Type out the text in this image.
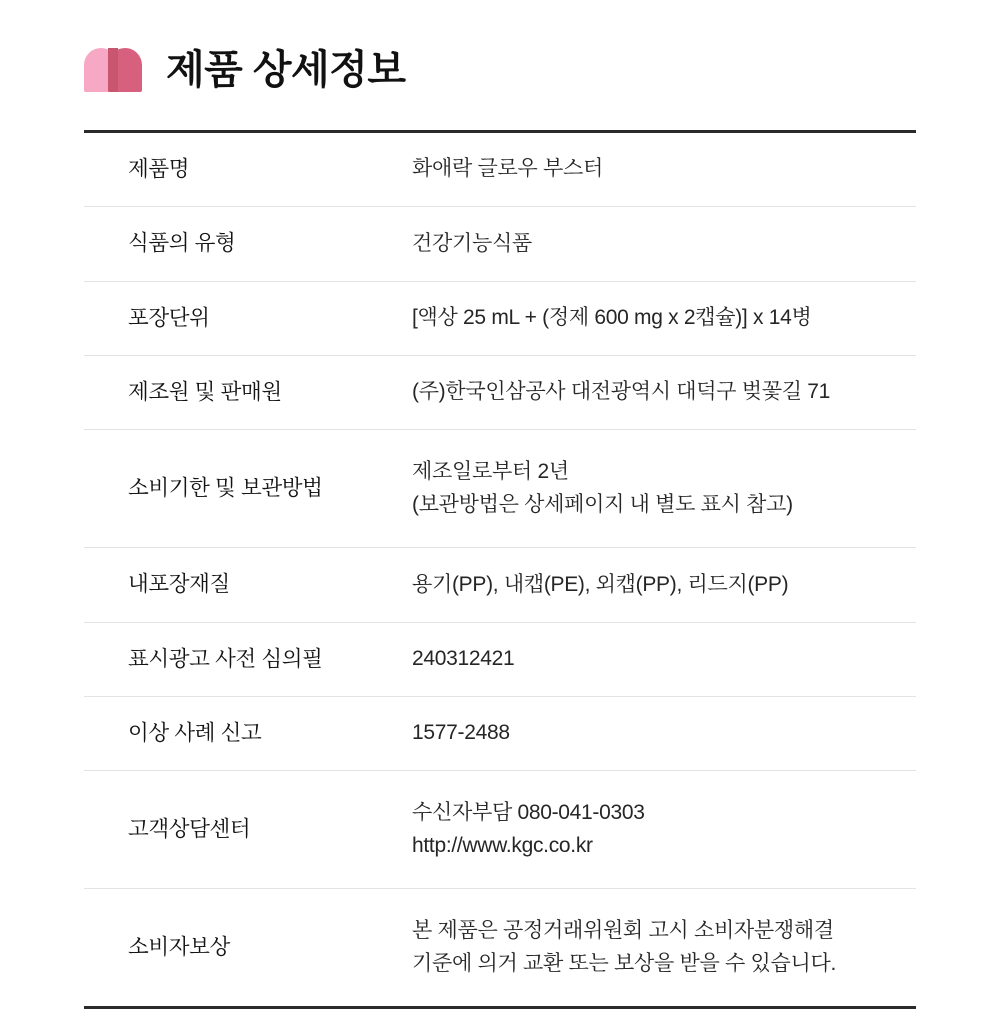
제품 상세정보
제품명	화애락 글로우 부스터

식품의 유형	건강기능식품

포장단위	[액상 25 mL + (정제 600 mg x 2캡슐)] x 14병

제조원 및 판매원	(주)한국인삼공사 대전광역시 대덕구 벚꽃길 71

소비기한 및 보관방법	제조일로부터 2년
(보관방법은 상세페이지 내 별도 표시 참고)

내포장재질	용기(PP), 내캡(PE), 외캡(PP), 리드지(PP)

표시광고 사전 심의필	240312421

이상 사례 신고	1577-2488

고객상담센터	수신자부담 080-041-0303
http://www.kgc.co.kr

소비자보상	본 제품은 공정거래위원회 고시 소비자분쟁해결
기준에 의거 교환 또는 보상을 받을 수 있습니다.
